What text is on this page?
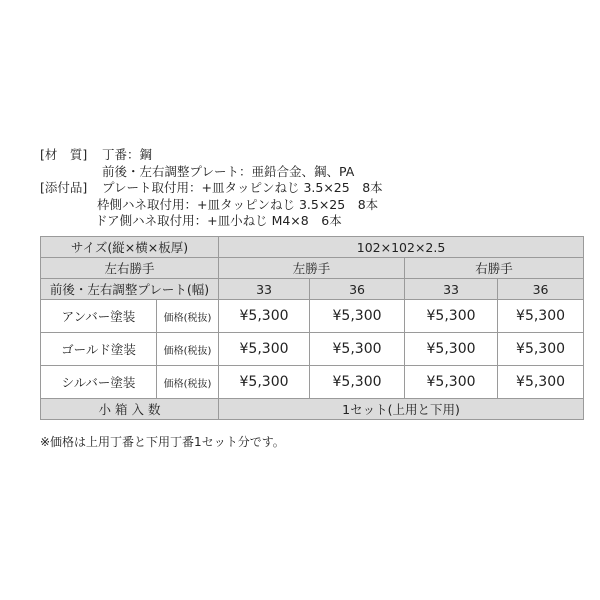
[材　質] 丁番：鋼
前後・左右調整プレート：亜鉛合金、鋼、PA
[添付品] プレート取付用：+皿タッピンねじ 3.5×25　8本
枠側ハネ取付用：+皿タッピンねじ 3.5×25　8本
ドア側ハネ取付用：+皿小ねじ M4×8　6本
サイズ(縦×横×板厚)		102×102×2.5			
左右勝手		左勝手		右勝手	
前後・左右調整プレート(幅)		33	36	33	36
アンバー塗装	価格(税抜)	¥5,300	¥5,300	¥5,300	¥5,300
ゴールド塗装	価格(税抜)	¥5,300	¥5,300	¥5,300	¥5,300
シルバー塗装	価格(税抜)	¥5,300	¥5,300	¥5,300	¥5,300
小 箱 入 数		1セット(上用と下用)			
※価格は上用丁番と下用丁番1セット分です。
